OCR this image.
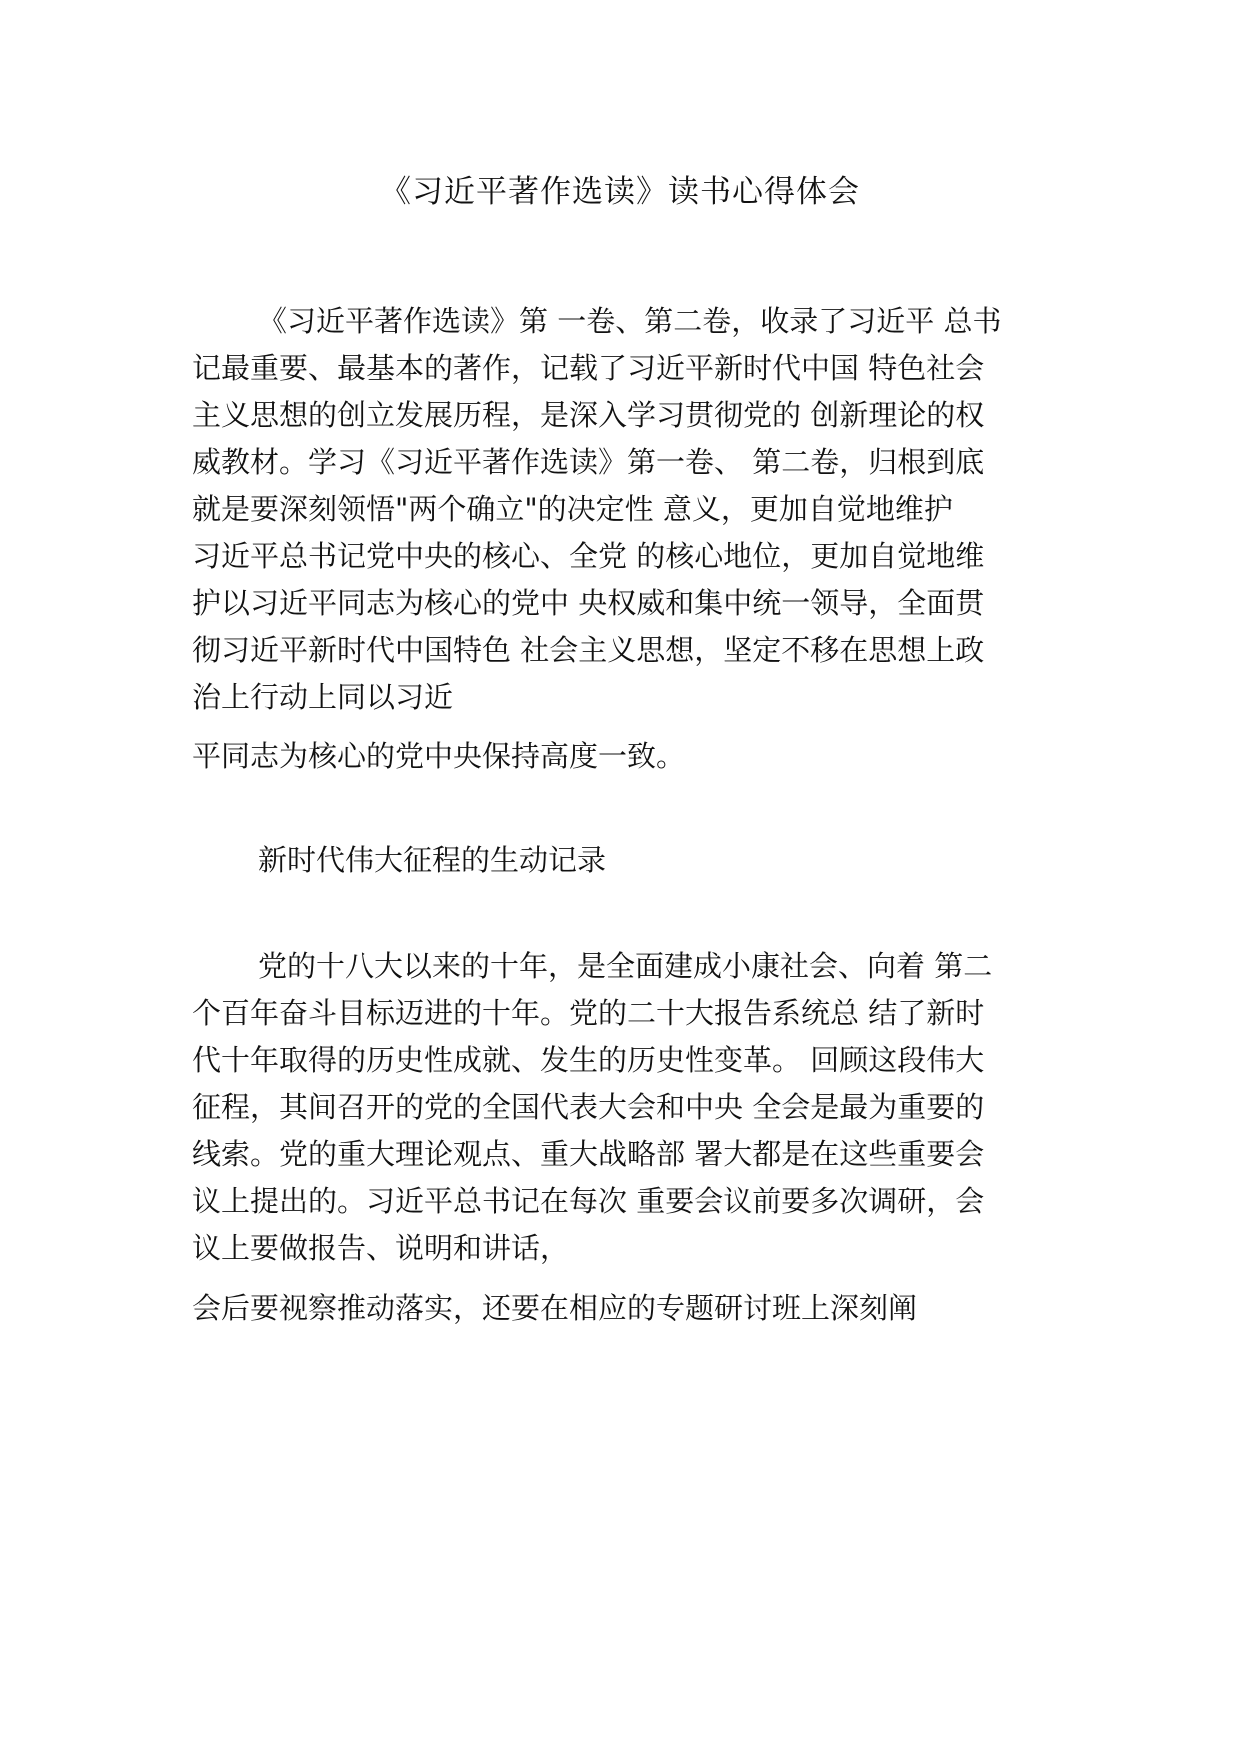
《习近平著作选读》读书心得体会
《习近平著作选读》第 一卷、第二卷，收录了习近平 总书
记最重要、最基本的著作，记载了习近平新时代中国 特色社会
主义思想的创立发展历程，是深入学习贯彻党的 创新理论的权
威教材。学习《习近平著作选读》第一卷、 第二卷，归根到底
就是要深刻领悟"两个确立"的决定性 意义，更加自觉地维护
习近平总书记党中央的核心、全党 的核心地位，更加自觉地维
护以习近平同志为核心的党中 央权威和集中统一领导，全面贯
彻习近平新时代中国特色 社会主义思想，坚定不移在思想上政
治上行动上同以习近
平同志为核心的党中央保持高度一致。
新时代伟大征程的生动记录
党的十八大以来的十年，是全面建成小康社会、向着 第二
个百年奋斗目标迈进的十年。党的二十大报告系统总 结了新时
代十年取得的历史性成就、发生的历史性变革。 回顾这段伟大
征程，其间召开的党的全国代表大会和中央 全会是最为重要的
线索。党的重大理论观点、重大战略部 署大都是在这些重要会
议上提出的。习近平总书记在每次 重要会议前要多次调研，会
议上要做报告、说明和讲话，
会后要视察推动落实，还要在相应的专题研讨班上深刻阐
